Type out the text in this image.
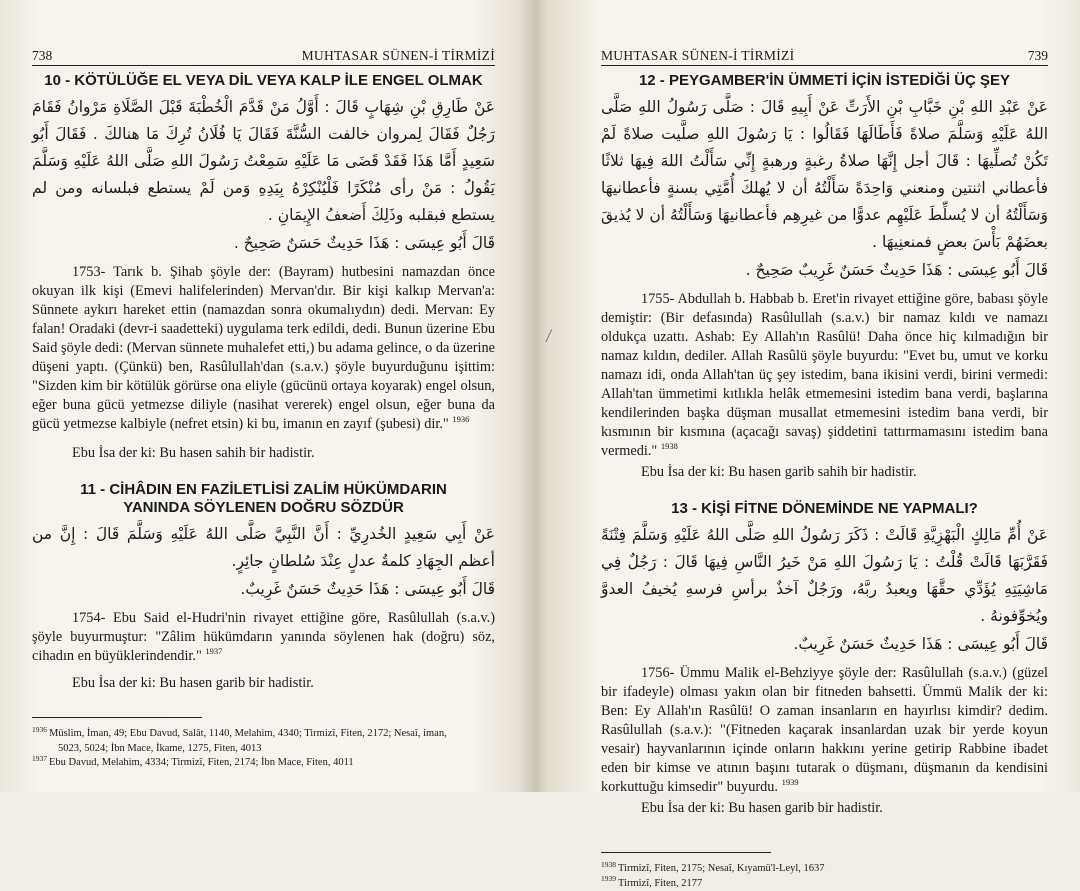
738	MUHTASAR SÜNEN-İ TİRMİZİ
10 - KÖTÜLÜĞE EL VEYA DİL VEYA KALP İLE ENGEL OLMAK

عَنْ طَارِقِ بْنِ شِهَابٍ قَالَ : أَوَّلُ مَنْ قَدَّمَ الْخُطْبَةَ قَبْلَ الصَّلَاةِ مَرْوانُ فَقَامَ رَجُلٌ فَقَالَ لِمروان خالفت السُّنَّةَ فَقَالَ يَا فُلَانُ تُرِكَ مَا هنالكَ . فَقَالَ أَبُو سَعِيدٍ أَمَّا هَذَا فَقَدْ قَضَى مَا عَلَيْهِ سَمِعْتُ رَسُولَ اللهِ صَلَّى اللهُ عَلَيْهِ وَسَلَّمَ يَقُولُ : مَنْ رأى مُنْكَرًا فَلْيُنْكِرْهُ بِيَدِهِ وَمن لَمْ يستطع فبلسانه ومن لم يستطع فبقلبه وذَلِكَ أَضعفُ الإِيمَانِ .

قَالَ أَبُو عِيسَى : هَذَا حَدِيثٌ حَسَنٌ صَحِيحٌ .

1753- Tarık b. Şihab şöyle der: (Bayram) hutbesini namazdan önce okuyan ilk kişi (Emevi halifelerinden) Mervan'dır. Bir kişi kalkıp Mervan'a: Sünnete aykırı hareket ettin (namazdan sonra okumalıydın) dedi. Mervan: Ey falan! Oradaki (devr-i saadetteki) uygulama terk edildi, dedi. Bunun üzerine Ebu Said şöyle dedi: (Mervan sünnete muhalefet etti,) bu adama gelince, o da üzerine düşeni yaptı. (Çünkü) ben, Rasûlullah'dan (s.a.v.) şöyle buyurduğunu işittim: "Sizden kim bir kötülük görürse ona eliyle (gücünü ortaya koyarak) engel olsun, eğer buna gücü yetmezse diliyle (nasihat vererek) engel olsun, eğer buna da gücü yetmezse kalbiyle (nefret etsin) ki bu, imanın en zayıf (şubesi) dir." $^{1936}$

Ebu İsa der ki: Bu hasen sahih bir hadistir.

11 - CİHÂDIN EN FAZİLETLİSİ ZALİM HÜKÜMDARIN
YANINDA SÖYLENEN DOĞRU SÖZDÜR

عَنْ أَبِي سَعِيدٍ الخُدرِيِّ : أَنَّ النَّبِيَّ صَلَّى اللهُ عَلَيْهِ وَسَلَّمَ قَالَ : إِنَّ من أعظم الجِهَادِ كلمةُ عدلٍ عِنْدَ سُلطانٍ جائِرٍ.

قَالَ أَبُو عِيسَى : هَذَا حَدِيثٌ حَسَنٌ غَرِيبٌ.

1754- Ebu Said el-Hudri'nin rivayet ettiğine göre, Rasûlullah (s.a.v.) şöyle buyurmuştur: "Zâlim hükümdarın yanında söylenen hak (doğru) söz, cihadın en büyüklerindendir." $^{1937}$

Ebu İsa der ki: Bu hasen garib bir hadistir.

$^{1936}$ Müslim, İman, 49; Ebu Davud, Salât, 1140, Melahim, 4340; Tirmizî, Fiten, 2172; Nesaî, iman,

5023, 5024; İbn Mace, İkame, 1275, Fiten, 4013

$^{1937}$ Ebu Davud, Melahim, 4334; Tirmizî, Fiten, 2174; İbn Mace, Fiten, 4011

MUHTASAR SÜNEN-İ TİRMİZİ	739
12 - PEYGAMBER'İN ÜMMETİ İÇİN İSTEDİĞİ ÜÇ ŞEY

عَنْ عَبْدِ اللهِ بْنِ خَبَّابِ بْنِ الأَرَتِّ عَنْ أَبِيهِ قَالَ : صَلَّى رَسُولُ اللهِ صَلَّى اللهُ عَلَيْهِ وَسَلَّمَ صلاةً فَأَطَالَهَا فَقَالُوا : يَا رَسُولَ اللهِ صلَّيت صلاةً لَمْ تَكُنْ تُصلِّيهَا : قَالَ أجل إِنَّهَا صلاةُ رغبةٍ ورهبةٍ إِنِّي سَأَلْتُ اللهَ فِيهَا ثلاثًا فأعطاني اثنتين ومنعني وَاحِدَةً سَأَلْتُهُ أن لا يُهلكَ أُمَّتِي بسنةٍ فأعطانيهَا وَسَأَلْتُهُ أن لا يُسلِّطَ عَلَيْهِم عدوًّا من غيرِهِم فأعطانيهَا وَسَأَلْتُهُ أن لا يُذيقَ بعضَهُمْ بَأْسَ بعضٍ فمنعنِيهَا .

قَالَ أَبُو عِيسَى : هَذَا حَدِيثٌ حَسَنٌ غَرِيبٌ صَحِيحٌ .

1755- Abdullah b. Habbab b. Eret'in rivayet ettiğine göre, babası şöyle demiştir: (Bir defasında) Rasûlullah (s.a.v.) bir namaz kıldı ve namazı oldukça uzattı. Ashab: Ey Allah'ın Rasûlü! Daha önce hiç kılmadığın bir namaz kıldın, dediler. Allah Rasûlü şöyle buyurdu: "Evet bu, umut ve korku namazı idi, onda Allah'tan üç şey istedim, bana ikisini verdi, birini vermedi: Allah'tan ümmetimi kıtlıkla helâk etmemesini istedim bana verdi, başlarına kendilerinden başka düşman musallat etmemesini istedim bana verdi, bir kısmının bir kısmına (açacağı savaş) şiddetini tattırmamasını istedim bana vermedi." $^{1938}$

Ebu İsa der ki: Bu hasen garib sahih bir hadistir.

13 - KİŞİ FİTNE DÖNEMİNDE NE YAPMALI?

عَنْ أُمِّ مَالِكٍ الْبَهْزِيَّةِ قَالَتْ : ذَكَرَ رَسُولُ اللهِ صَلَّى اللهُ عَلَيْهِ وَسَلَّمَ فِتْنَةً فَقَرَّبَهَا قَالَتْ قُلْتُ : يَا رَسُولَ اللهِ مَنْ خَيرُ النَّاسِ فِيهَا قَالَ : رَجُلٌ فِي مَاشِيَتِهِ يُؤَدِّي حقَّهَا ويعبدُ ربَّهُ، ورَجُلٌ آخذٌ برأسِ فرسهِ يُخيفُ العدوَّ ويُخوِّفونهُ .

قَالَ أَبُو عِيسَى : هَذَا حَدِيثٌ حَسَنٌ غَرِيبٌ.

1756- Ümmu Malik el-Behziyye şöyle der: Rasûlullah (s.a.v.) (güzel bir ifadeyle) olması yakın olan bir fitneden bahsetti. Ümmü Malik der ki: Ben: Ey Allah'ın Rasûlü! O zaman insanların en hayırlısı kimdir? dedim. Rasûlullah (s.a.v.): "(Fitneden kaçarak insanlardan uzak bir yerde koyun vesair) hayvanlarının içinde onların hakkını yerine getirip Rabbine ibadet eden bir kimse ve atının başını tutarak o düşmanı, düşmanın da kendisini korkuttuğu kimsedir" buyurdu. $^{1939}$

Ebu İsa der ki: Bu hasen garib bir hadistir.

$^{1938}$ Tirmizî, Fiten, 2175; Nesaî, Kıyamü'l-Leyl, 1637

$^{1939}$ Tirmizî, Fiten, 2177
